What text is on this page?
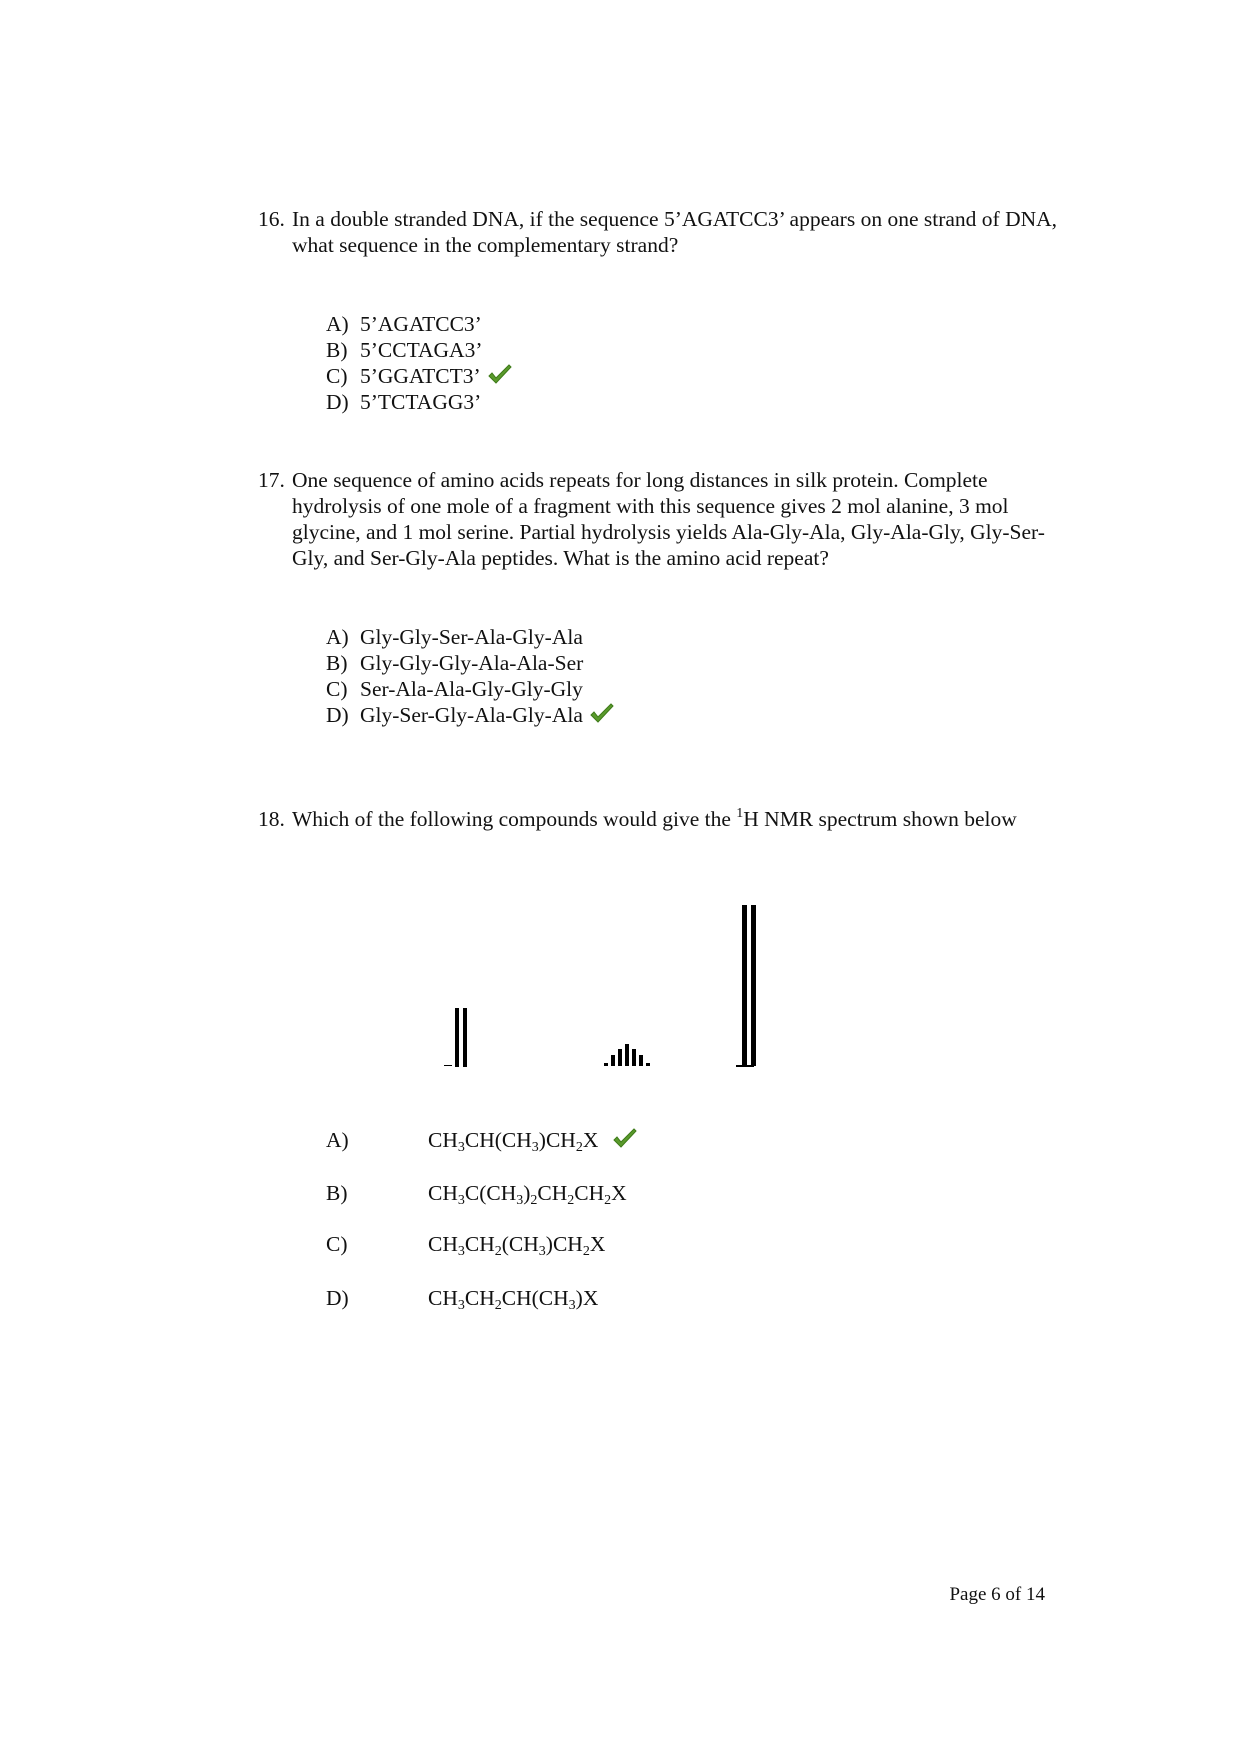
16. In a double stranded DNA, if the sequence 5’AGATCC3’ appears on one strand of DNA, what sequence in the complementary strand?
A) 5’AGATCC3’
B) 5’CCTAGA3’
C) 5’GGATCT3’
D) 5’TCTAGG3’
17. One sequence of amino acids repeats for long distances in silk protein. Complete hydrolysis of one mole of a fragment with this sequence gives 2 mol alanine, 3 mol glycine, and 1 mol serine. Partial hydrolysis yields Ala-Gly-Ala, Gly-Ala-Gly, Gly-Ser-Gly, and Ser-Gly-Ala peptides. What is the amino acid repeat?
A) Gly-Gly-Ser-Ala-Gly-Ala
B) Gly-Gly-Gly-Ala-Ala-Ser
C) Ser-Ala-Ala-Gly-Gly-Gly
D) Gly-Ser-Gly-Ala-Gly-Ala
18. Which of the following compounds would give the $^1$H NMR spectrum shown below
A)	$CH_3CH(CH_3)CH_2X$
B)	$CH_3C(CH_3)_2CH_2CH_2X$
C)	$CH_3CH_2(CH_3)CH_2X$
D)	$CH_3CH_2CH(CH_3)X$
Page 6 of 14
